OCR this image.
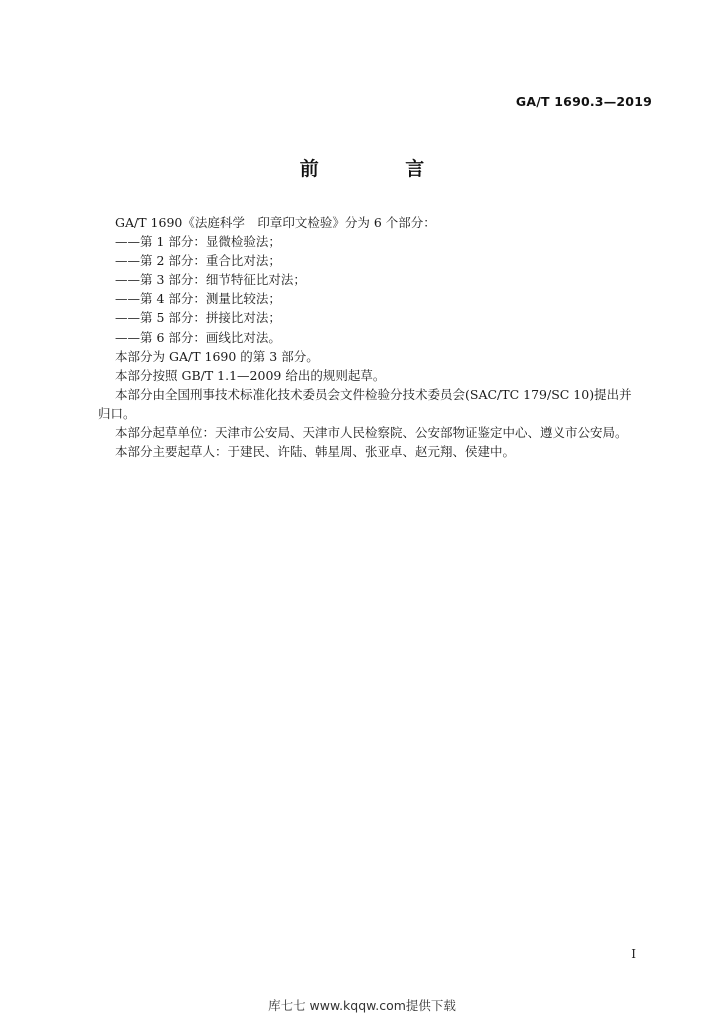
GA/T 1690.3—2019
前 言
GA/T 1690《法庭科学　印章印文检验》分为 6 个部分：
——第 1 部分：显微检验法；
——第 2 部分：重合比对法；
——第 3 部分：细节特征比对法；
——第 4 部分：测量比较法；
——第 5 部分：拼接比对法；
——第 6 部分：画线比对法。
本部分为 GA/T 1690 的第 3 部分。
本部分按照 GB/T 1.1—2009 给出的规则起草。
本部分由全国刑事技术标准化技术委员会文件检验分技术委员会(SAC/TC 179/SC 10)提出并
归口。
本部分起草单位：天津市公安局、天津市人民检察院、公安部物证鉴定中心、遵义市公安局。
本部分主要起草人：于建民、许陆、韩星周、张亚卓、赵元翔、侯建中。
I
库七七 www.kqqw.com提供下载
